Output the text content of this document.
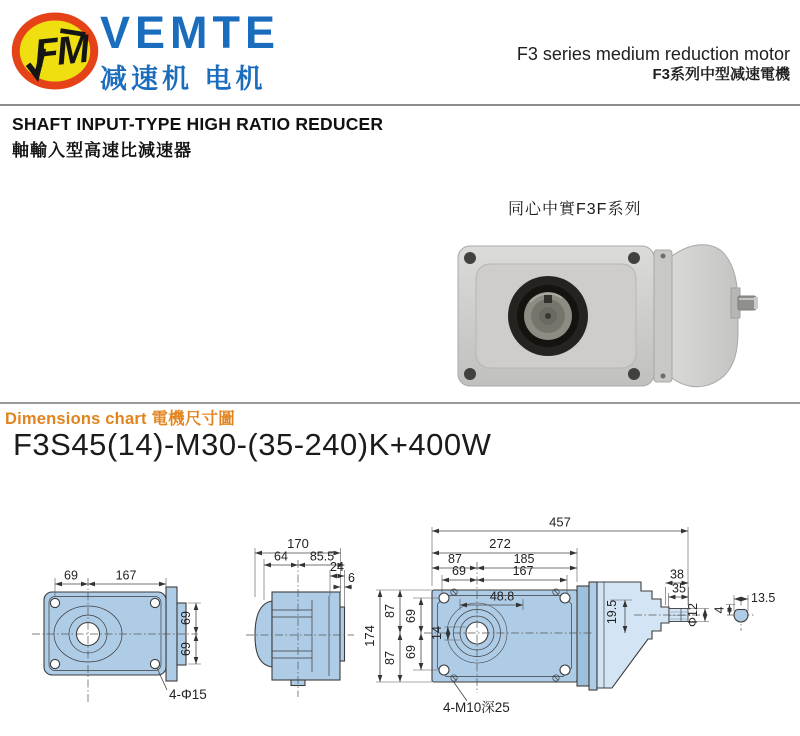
FM VEMTE
减速机 电机
F3 series medium reduction motor
F3系列中型减速電機
SHAFT INPUT-TYPE HIGH RATIO REDUCER
軸輸入型高速比減速器
同心中實F3F系列
Dimensions chart 電機尺寸圖
F3S45(14)-M30-(35-240)K+400W
69	167
69
69
4-Φ15
170
64 85.5
24
6
174
87
87
69
69
457
272
87	185
69	167
48.8
14
19.5
38
35
Φ12
4-M10深25
13.5
4
